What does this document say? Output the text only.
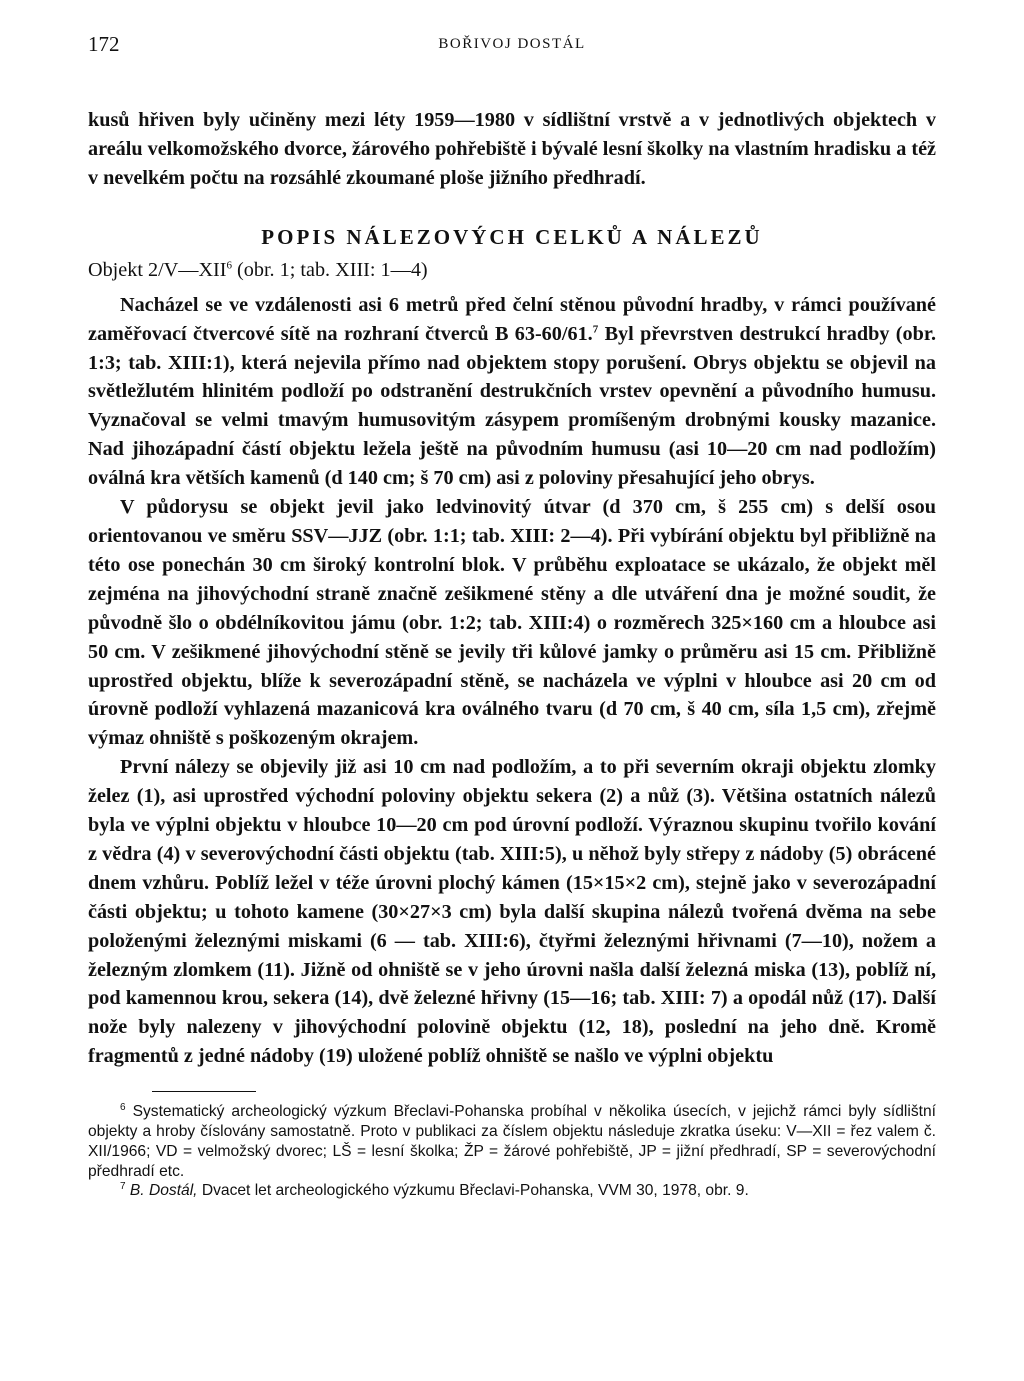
172	BOŘIVOJ DOSTÁL

kusů hřiven byly učiněny mezi léty 1959—1980 v sídlištní vrstvě a v jednotlivých objektech v areálu velkomožského dvorce, žárového pohřebiště i bývalé lesní školky na vlastním hradisku a též v nevelkém počtu na rozsáhlé zkoumané ploše jižního předhradí.

POPIS NÁLEZOVÝCH CELKŮ A NÁLEZŮ
Objekt 2/V—XII$^6$ (obr. 1; tab. XIII: 1—4)

Nacházel se ve vzdálenosti asi 6 metrů před čelní stěnou původní hradby, v rámci používané zaměřovací čtvercové sítě na rozhraní čtverců B 63-60/61.$^7$ Byl převrstven destrukcí hradby (obr. 1:3; tab. XIII:1), která nejevila přímo nad objektem stopy porušení. Obrys objektu se objevil na světležlutém hlinitém podloží po odstranění destrukčních vrstev opevnění a původního humusu. Vyznačoval se velmi tmavým humusovitým zásypem promíšeným drobnými kousky mazanice. Nad jihozápadní částí objektu ležela ještě na původním humusu (asi 10—20 cm nad podložím) oválná kra větších kamenů (d 140 cm; š 70 cm) asi z poloviny přesahující jeho obrys.

V půdorysu se objekt jevil jako ledvinovitý útvar (d 370 cm, š 255 cm) s delší osou orientovanou ve směru SSV—JJZ (obr. 1:1; tab. XIII: 2—4). Při vybírání objektu byl přibližně na této ose ponechán 30 cm široký kontrolní blok. V průběhu exploatace se ukázalo, že objekt měl zejména na jihovýchodní straně značně zešikmené stěny a dle utváření dna je možné soudit, že původně šlo o obdélníkovitou jámu (obr. 1:2; tab. XIII:4) o rozměrech 325×160 cm a hloubce asi 50 cm. V zešikmené jihovýchodní stěně se jevily tři kůlové jamky o průměru asi 15 cm. Přibližně uprostřed objektu, blíže k severozápadní stěně, se nacházela ve výplni v hloubce asi 20 cm od úrovně podloží vyhlazená mazanicová kra oválného tvaru (d 70 cm, š 40 cm, síla 1,5 cm), zřejmě výmaz ohniště s poškozeným okrajem.

První nálezy se objevily již asi 10 cm nad podložím, a to při severním okraji objektu zlomky želez (1), asi uprostřed východní poloviny objektu sekera (2) a nůž (3). Většina ostatních nálezů byla ve výplni objektu v hloubce 10—20 cm pod úrovní podloží. Výraznou skupinu tvořilo kování z vědra (4) v severovýchodní části objektu (tab. XIII:5), u něhož byly střepy z nádoby (5) obrácené dnem vzhůru. Poblíž ležel v téže úrovni plochý kámen (15×15×2 cm), stejně jako v severozápadní části objektu; u tohoto kamene (30×27×3 cm) byla další skupina nálezů tvořená dvěma na sebe položenými železnými miskami (6 — tab. XIII:6), čtyřmi železnými hřivnami (7—10), nožem a železným zlomkem (11). Jižně od ohniště se v jeho úrovni našla další železná miska (13), poblíž ní, pod kamennou krou, sekera (14), dvě železné hřivny (15—16; tab. XIII: 7) a opodál nůž (17). Další nože byly nalezeny v jihovýchodní polovině objektu (12, 18), poslední na jeho dně. Kromě fragmentů z jedné nádoby (19) uložené poblíž ohniště se našlo ve výplni objektu

$^6$ Systematický archeologický výzkum Břeclavi-Pohanska probíhal v několika úsecích, v jejichž rámci byly sídlištní objekty a hroby číslovány samostatně. Proto v publikaci za číslem objektu následuje zkratka úseku: V—XII = řez valem č. XII/1966; VD = velmožský dvorec; LŠ = lesní školka; ŽP = žárové pohřebiště, JP = jižní předhradí, SP = severovýchodní předhradí etc.

$^7$ B. Dostál, Dvacet let archeologického výzkumu Břeclavi-Pohanska, VVM 30, 1978, obr. 9.
